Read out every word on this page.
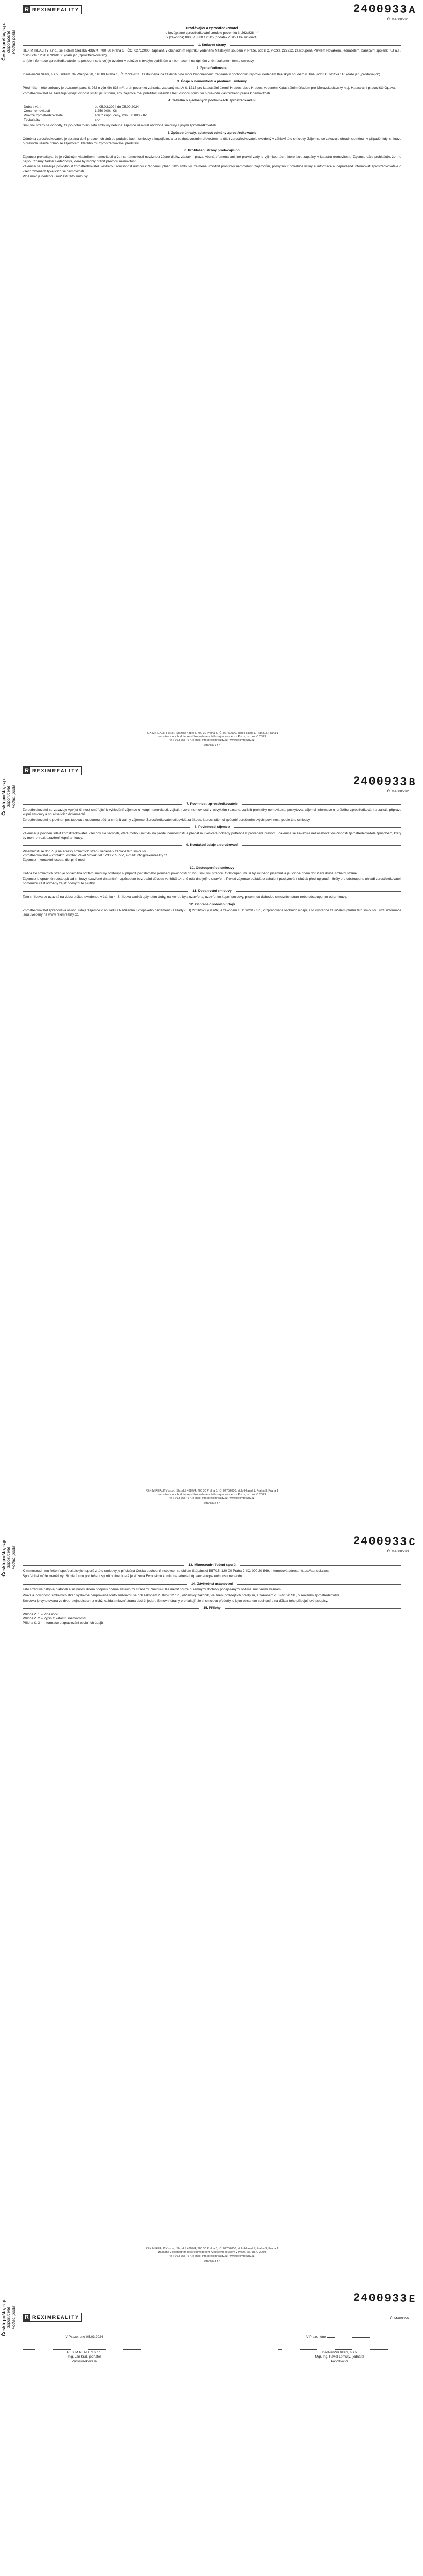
Česká pošta, s.p. doporučeně
Podací pošta
R REXIMREALITY	2400933A
Č. MA00056/1
Prodávající a zprostředkovatel
o bezúplatné zprostředkování prodeje pozemku č. 262/838 m²
k (zákonná) 8888 / 8888 / 2015 (dodatek číslo 1 ke smlouvě)
1. Smluvní strany
REXIM REALITY s.r.o., se sídlem Slezská 4387/4, 700 30 Praha 3, IČO: 02752000, zapsaná v obchodním rejstříku vedeném Městským soudem v Praze, oddíl C, vložka 222222, zastoupená Pavlem Novákem, jednatelem, bankovní spojení: KB a.s., číslo účtu 123456789/0100 (dále jen „zprostředkovatel“)
a. (dle informace zprostředkovatele na poslední stránce) je uveden v položce s trvalým bydlištěm a informacemi na úplném znění zákonem tomto smlouvy
2. Zprostředkovatel
Insolvenční řízení, s.r.o., sídlem Na Příkopě 28, 110 00 Praha 1, IČ: 27242811, zastoupená na základě plné moci zmocněncem, zapsaná v obchodním rejstříku vedeném Krajským soudem v Brně, oddíl C, vložka 110 (dále jen „prodávající“).
3. Údaje o nemovitosti a předmětu smlouvy
Předmětem této smlouvy je pozemek parc. č. 262 o výměře 838 m², druh pozemku zahrada, zapsaný na LV č. 1215 pro katastrální území Hradec, obec Hradec, vedeném Katastrálním úřadem pro Moravskoslezský kraj, Katastrální pracoviště Opava.
Zprostředkovatel se zavazuje vyvíjet činnost směřující k tomu, aby zájemce měl příležitost uzavřít s třetí osobou smlouvu o převodu vlastnického práva k nemovitosti.
4. Tabulka o sjednaných podmínkách zprostředkování
Doba trvání	od 05.03.2024 do 05.09.2024
Cena nemovitosti	1 250 000,- Kč
Provize zprostředkovatele	4 % z kupní ceny, min. 50 000,- Kč
Exkluzivita	ano
Smluvní strany se dohodly, že po dobu trvání této smlouvy nebude zájemce uzavírat obdobné smlouvy s jinými zprostředkovateli.
5. Způsob úhrady, splatnost odměny zprostředkovatele
Odměna zprostředkovatele je splatná do 5 pracovních dnů od podpisu kupní smlouvy s kupujícím, a to bezhotovostním převodem na účet zprostředkovatele uvedený v záhlaví této smlouvy. Zájemce se zavazuje uhradit odměnu i v případě, kdy smlouvu o převodu uzavře přímo se zájemcem, kterého mu zprostředkovatel představil.
6. Prohlášení strany prodávajícího
Zájemce prohlašuje, že je výlučným vlastníkem nemovitosti a že na nemovitosti neváznou žádné dluhy, zástavní práva, věcná břemena ani jiné právní vady, s výjimkou těch, které jsou zapsány v katastru nemovitostí. Zájemce dále prohlašuje, že mu nejsou známy žádné skutečnosti, které by mohly bránit převodu nemovitosti.
Zájemce se zavazuje poskytnout zprostředkovateli veškerou součinnost nutnou k řádnému plnění této smlouvy, zejména umožnit prohlídky nemovitosti zájemcům, poskytnout potřebné listiny a informace a neprodleně informovat zprostředkovatele o všech změnách týkajících se nemovitosti.
Plná moc je nedílnou součástí této smlouvy.
REXIM REALITY s.r.o., Slezská 4387/4, 700 30 Praha 3, IČ: 02752000, sídlo Hlavní 1, Praha 3, Praha 1
zapsána v obchodním rejstříku vedeném Městským soudem v Praze, sp. zn. C 2009
tel.: 733 755 777, e-mail: info@reximreality.cz, www.reximreality.cz
Stránka 1 z 4
Česká pošta, s.p. doporučeně
Podací pošta
R REXIMREALITY
2400933B
Č. MA00056/2
7. Povinnosti zprostředkovatele
Zprostředkovatel se zavazuje vyvíjet činnost směřující k vyhledání zájemce o koupi nemovitosti, zajistit inzerci nemovitosti v obvyklém rozsahu, zajistit prohlídky nemovitosti, poskytovat zájemci informace o průběhu zprostředkování a zajistit přípravu kupní smlouvy a souvisejících dokumentů.
Zprostředkovatel je povinen postupovat s odbornou péčí a chránit zájmy zájemce. Zprostředkovatel odpovídá za škodu, kterou zájemci způsobí porušením svých povinností podle této smlouvy.
8. Povinnosti zájemce
Zájemce je povinen sdělit zprostředkovateli všechny skutečnosti, které mohou mít vliv na prodej nemovitosti, a předat mu veškeré doklady potřebné k provedení převodu. Zájemce se zavazuje nezasahovat do činnosti zprostředkovatele způsobem, který by mohl ohrozit uzavření kupní smlouvy.
9. Kontaktní údaje a doručování
Písemnosti se doručují na adresy smluvních stran uvedené v záhlaví této smlouvy.
Zprostředkovatel – kontaktní osoba: Pavel Novák, tel.: 733 755 777, e-mail: info@reximreality.cz
Zájemce – kontaktní osoba: dle plné moci
10. Odstoupení od smlouvy
Každá ze smluvních stran je oprávněna od této smlouvy odstoupit v případě podstatného porušení povinností druhou smluvní stranou. Odstoupení musí být učiněno písemně a je účinné dnem doručení druhé smluvní straně.
Zájemce je oprávněn odstoupit od smlouvy uzavřené distančním způsobem bez udání důvodu ve lhůtě 14 dnů ode dne jejího uzavření. Pokud zájemce požádá o zahájení poskytování služeb před uplynutím lhůty pro odstoupení, uhradí zprostředkovateli poměrnou část odměny za již poskytnuté služby.
11. Doba trvání smlouvy
Tato smlouva se uzavírá na dobu určitou uvedenou v článku 4. Smlouva zaniká uplynutím doby, na kterou byla uzavřena, uzavřením kupní smlouvy, písemnou dohodou smluvních stran nebo odstoupením od smlouvy.
12. Ochrana osobních údajů
Zprostředkovatel zpracovává osobní údaje zájemce v souladu s Nařízením Evropského parlamentu a Rady (EU) 2016/679 (GDPR) a zákonem č. 110/2019 Sb., o zpracování osobních údajů, a to výhradně za účelem plnění této smlouvy. Bližší informace jsou uvedeny na www.reximreality.cz.
REXIM REALITY s.r.o., Slezská 4387/4, 700 30 Praha 3, IČ: 02752000, sídlo Hlavní 1, Praha 3, Praha 1
zapsána v obchodním rejstříku vedeném Městským soudem v Praze, sp. zn. C 2009
tel.: 733 755 777, e-mail: info@reximreality.cz, www.reximreality.cz
Stránka 2 z 4
Česká pošta, s.p. doporučeně
Podací pošta
2400933C
Č. MA00056/3
13. Mimosoudní řešení sporů
K mimosoudnímu řešení spotřebitelských sporů z této smlouvy je příslušná Česká obchodní inspekce, se sídlem Štěpánská 567/15, 120 00 Praha 2, IČ: 000 20 869, internetová adresa: https://adr.coi.cz/cs.
Spotřebitel může rovněž využít platformu pro řešení sporů online, která je zřízena Evropskou komisí na adrese http://ec.europa.eu/consumers/odr/.
14. Závěrečná ustanovení
Tato smlouva nabývá platnosti a účinnosti dnem podpisu oběma smluvními stranami. Smlouvu lze měnit pouze písemnými dodatky podepsanými oběma smluvními stranami.
Práva a povinnosti smluvních stran výslovně neupravené touto smlouvou se řídí zákonem č. 89/2012 Sb., občanský zákoník, ve znění pozdějších předpisů, a zákonem č. 39/2020 Sb., o realitním zprostředkování.
Smlouva je vyhotovena ve dvou stejnopisech, z nichž každá smluvní strana obdrží jeden. Smluvní strany prohlašují, že si smlouvu přečetly, s jejím obsahem souhlasí a na důkaz toho připojují své podpisy.
15. Přílohy
Příloha č. 1 – Plná moc
Příloha č. 2 – Výpis z katastru nemovitostí
Příloha č. 3 – Informace o zpracování osobních údajů
REXIM REALITY s.r.o., Slezská 4387/4, 700 30 Praha 3, IČ: 02752000, sídlo Hlavní 1, Praha 3, Praha 1
zapsána v obchodním rejstříku vedeném Městským soudem v Praze, sp. zn. C 2009
tel.: 733 755 777, e-mail: info@reximreality.cz, www.reximreality.cz
Stránka 3 z 4
Česká pošta, s.p. doporučeně
Podací pošta R REXIMREALITY
2400933E
Č. MA00056
V Praze, dne 05.03.2024
REXIM REALITY s.r.o.
Ing. Jan Král, jednatel
Zprostředkovatel
V Praze, dne
Insolvenční řízení, s.r.o.
Mgr. Ing. Pavel Lomský, jednatel
Prodávající
